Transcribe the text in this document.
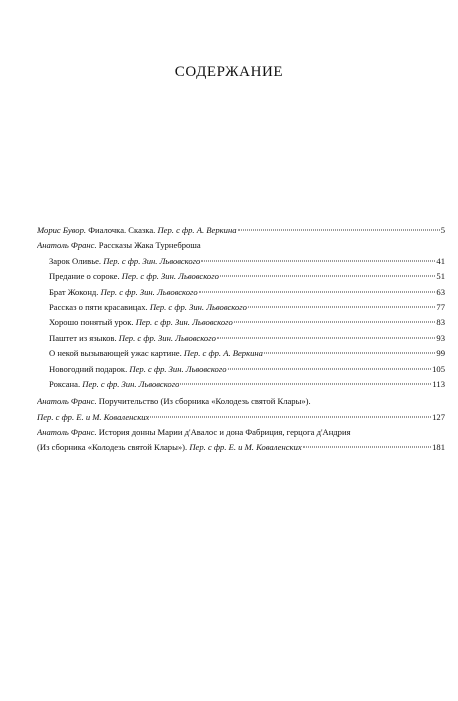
СОДЕРЖАНИЕ
Морис Бувор. Фиалочка. Сказка. Пер. с фр. А. Веркина	5
Анатоль Франс. Рассказы Жака Турнеброша
Зарок Оливье. Пер. с фр. Зин. Львовского	41
Предание о сороке. Пер. с фр. Зин. Львовского	51
Брат Жоконд. Пер. с фр. Зин. Львовского	63
Рассказ о пяти красавицах. Пер. с фр. Зин. Львовского	77
Хорошо понятый урок. Пер. с фр. Зин. Львовского	83
Паштет из языков. Пер. с фр. Зин. Львовского	93
О некой вызывающей ужас картине. Пер. с фр. А. Веркина	99
Новогодний подарок. Пер. с фр. Зин. Львовского	105
Роксана. Пер. с фр. Зин. Львовского	113
Анатоль Франс. Поручительство (Из сборника «Колодезь святой Клары»).
Пер. с фр. Е. и М. Коваленских	127
Анатоль Франс. История донны Марии д'Авалос и дона Фабриция, герцога д'Андрия
(Из сборника «Колодезь святой Клары»). Пер. с фр. Е. и М. Коваленских	181
